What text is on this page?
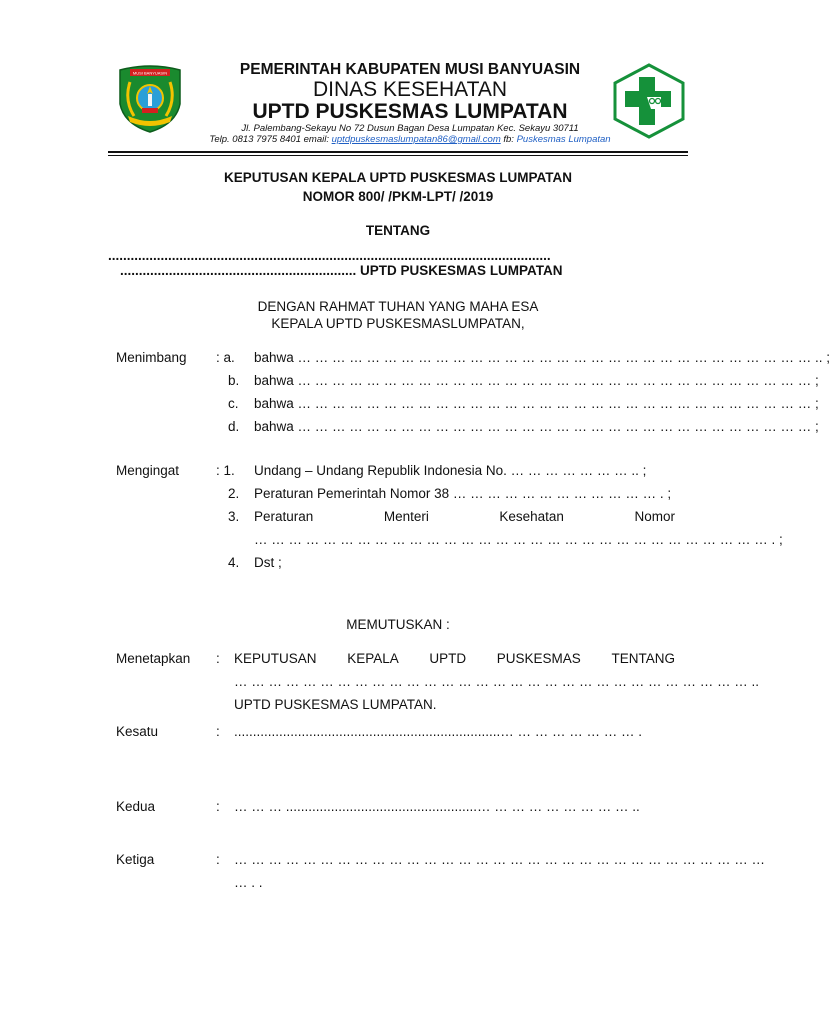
MUSI BANYUASIN	PEMERINTAH KABUPATEN MUSI BANYUASIN
DINAS KESEHATAN
UPTD PUSKESMAS LUMPATAN
Jl. Palembang-Sekayu No 72 Dusun Bagan Desa Lumpatan Kec. Sekayu 30711
Telp. 0813 7975 8401 email: uptdpuskesmaslumpatan86@gmail.com fb: Puskesmas Lumpatan
KEPUTUSAN KEPALA UPTD PUSKESMAS LUMPATAN
NOMOR 800/ /PKM-LPT/ /2019
TENTANG
......................................................................................................................
............................................................... UPTD PUSKESMAS LUMPATAN
DENGAN RAHMAT TUHAN YANG MAHA ESA
KEPALA UPTD PUSKESMASLUMPATAN,
Menimbang : a. bahwa … … … … … … … … … … … … … … … … … … … … … … … … … … … … … … .. ;
b. bahwa … … … … … … … … … … … … … … … … … … … … … … … … … … … … … … ;
c. bahwa … … … … … … … … … … … … … … … … … … … … … … … … … … … … … … ;
d. bahwa … … … … … … … … … … … … … … … … … … … … … … … … … … … … … … ;
Mengingat	: 1. Undang – Undang Republik Indonesia No. … … … … … … … .. ;
2. Peraturan Pemerintah Nomor 38 … … … … … … … … … … … … . ;
3. Peraturan	Menteri	Kesehatan	Nomor
… … … … … … … … … … … … … … … … … … … … … … … … … … … … … … . ;
4. Dst ;
MEMUTUSKAN :
Menetapkan : KEPUTUSAN KEPALA UPTD PUSKESMAS TENTANG
… … … … … … … … … … … … … … … … … … … … … … … … … … … … … … ..
UPTD PUSKESMAS LUMPATAN.
Kesatu	: .......................................................................… … … … … … … … .
Kedua	: … … … ...................................................… … … … … … … … … ..
Ketiga	: … … … … … … … … … … … … … … … … … … … … … … … … … … … … … … …
… . .
